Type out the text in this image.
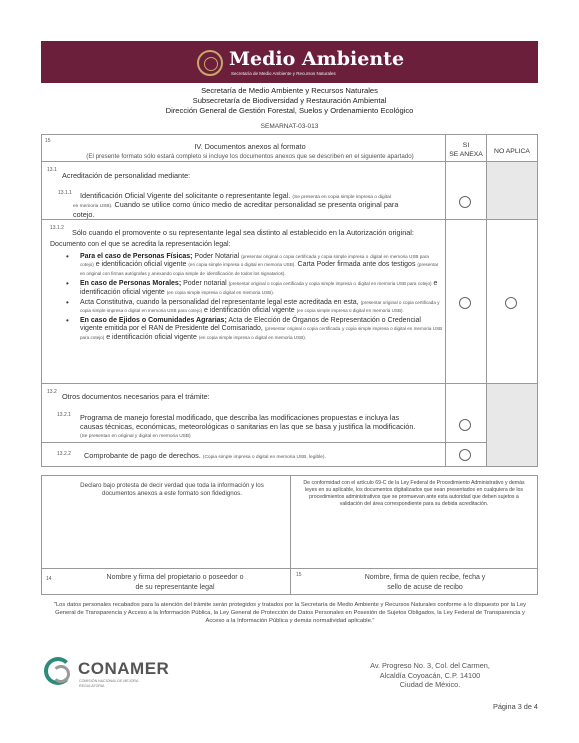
Medio Ambiente
Secretaría de Medio Ambiente y Recursos Naturales
Secretaría de Medio Ambiente y Recursos Naturales
Subsecretaría de Biodiversidad y Restauración Ambiental
Dirección General de Gestión Forestal, Suelos y Ordenamiento Ecológico
SEMARNAT-03-013
15
IV. Documentos anexos al formato
(El presente formato sólo estará completo si incluye los documentos anexos que se describen en el siguiente apartado)
SI
SE ANEXA	NO APLICA
13.1
Acreditación de personalidad mediante:
13.1.1 Identificación Oficial Vigente del solicitante o representante legal. (Se presenta en copia simple impresa o digital
en memoria USB). Cuando se utilice como único medio de acreditar personalidad se presenta original para
cotejo.
13.1.2 Sólo cuando el promovente o su representante legal sea distinto al establecido en la Autorización original:
Documento con el que se acredita la representación legal:
• Para el caso de Personas Físicas; Poder Notarial (presentar original o copia certificada y copia simple impresa o digital en memoria USB para cotejo) e identificación oficial vigente (en copia simple impresa o digital en memoria USB). Carta Poder firmada ante dos testigos (presentar en original con firmas autógrafas y anexando copia simple de identificación de todos los signatarios).
• En caso de Personas Morales; Poder notarial (presentar original o copia certificada y copia simple impresa o digital en memoria USB para cotejo) e identificación oficial vigente (en copia simple impresa o digital en memoria USB).
• Acta Constitutiva, cuando la personalidad del representante legal este acreditada en esta, (presentar original o copia certificada y copia simple impresa o digital en memoria USB para cotejo) e identificación oficial vigente (en copia simple impresa o digital en memoria USB).
• En caso de Ejidos o Comunidades Agrarias; Acta de Elección de Órganos de Representación o Credencial vigente emitida por el RAN de Presidente del Comisariado, (presentar original o copia certificada y copia simple impresa o digital en memoria USB para cotejo) e identificación oficial vigente (en copia simple impresa o digital en memoria USB).
13.2 Otros documentos necesarios para el trámite:
13.2.1 Programa de manejo forestal modificado, que describa las modificaciones propuestas e incluya las
causas técnicas, económicas, meteorológicas o sanitarias en las que se basa y justifica la modificación.
(Se presentan en original y digital en memoria USB)
13.2.2 Comprobante de pago de derechos. (Copia simple impresa o digital en memoria USB, legible).
Declaro bajo protesta de decir verdad que toda la información y los documentos anexos a este formato son fidedignos.
De conformidad con el artículo 69-C de la Ley Federal de Procedimiento Administrativo y demás leyes en su aplicable, los documentos digitalizados que sean presentados en cualquiera de los procedimientos administrativos que se promuevan ante esta autoridad que deben sujetos a validación del área correspondiente para su debida acreditación.
14	Nombre y firma del propietario o poseedor o
de su representante legal
15	Nombre, firma de quien recibe, fecha y
sello de acuse de recibo
"Los datos personales recabados para la atención del trámite serán protegidos y tratados por la Secretaría de Medio Ambiente y Recursos Naturales conforme a lo dispuesto por la Ley General de Transparencia y Acceso a la Información Pública, la Ley General de Protección de Datos Personales en Posesión de Sujetos Obligados, la Ley Federal de Transparencia y Acceso a la Información Pública y demás normatividad aplicable."
CONAMER
COMISIÓN NACIONAL DE MEJORA REGULATORIA
Av. Progreso No. 3, Col. del Carmen,
Alcaldía Coyoacán, C.P. 14100
Ciudad de México.
Página 3 de 4
